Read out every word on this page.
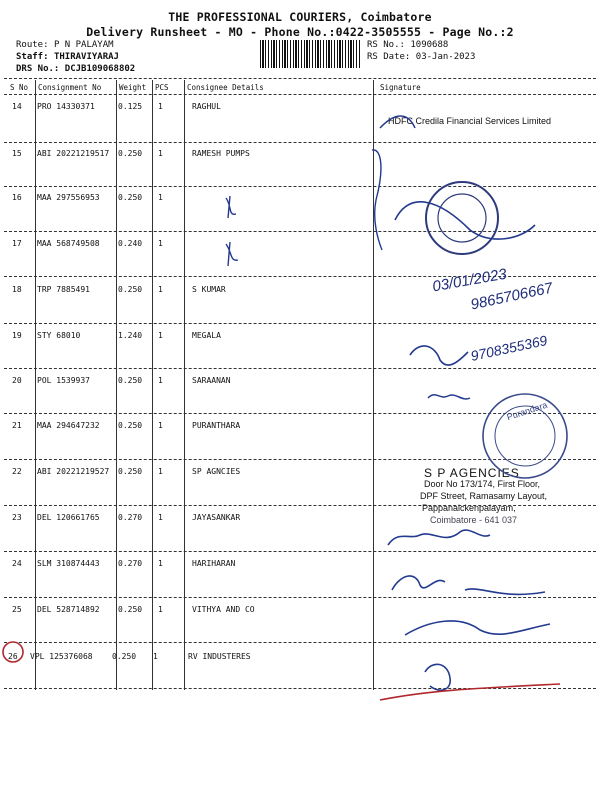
THE PROFESSIONAL COURIERS, Coimbatore
Delivery Runsheet - MO - Phone No.:0422-3505555 - Page No.:2
Route: P N PALAYAM
Staff: THIRAVIYARAJ
DRS No.: DCJB109068802
RS No.: 1090688
RS Date: 03-Jan-2023
S No Consignment No Weight PCS Consignee Details	Signature
14 PRO 14330371	0.125 1	RAGHUL
15 ABI 20221219517 0.250 1	RAMESH PUMPS
16 MAA 297556953 0.250 1
17 MAA 568749508 0.240 1
18 TRP 7885491	0.250 1	S KUMAR
19 STY 68010	1.240 1	MEGALA
20 POL 1539937	0.250 1	SARAANAN
21 MAA 294647232 0.250 1	PURANTHARA
22 ABI 20221219527 0.250 1	SP AGNCIES
23 DEL 120661765 0.270 1	JAYASANKAR
24 SLM 310874443 0.270 1	HARIHARAN
25 DEL 528714892 0.250 1	VITHYA AND CO
26 VPL 125376068 0.250 1	RV INDUSTERES
HDFC Credila Financial Services Limited
S P AGENCIES
Door No 173/174, First Floor,
DPF Street, Ramasamy Layout,
Pappanaickenpalayam,
Coimbatore - 641 037
Purandara
03/01/2023
9865706667
9708355369
